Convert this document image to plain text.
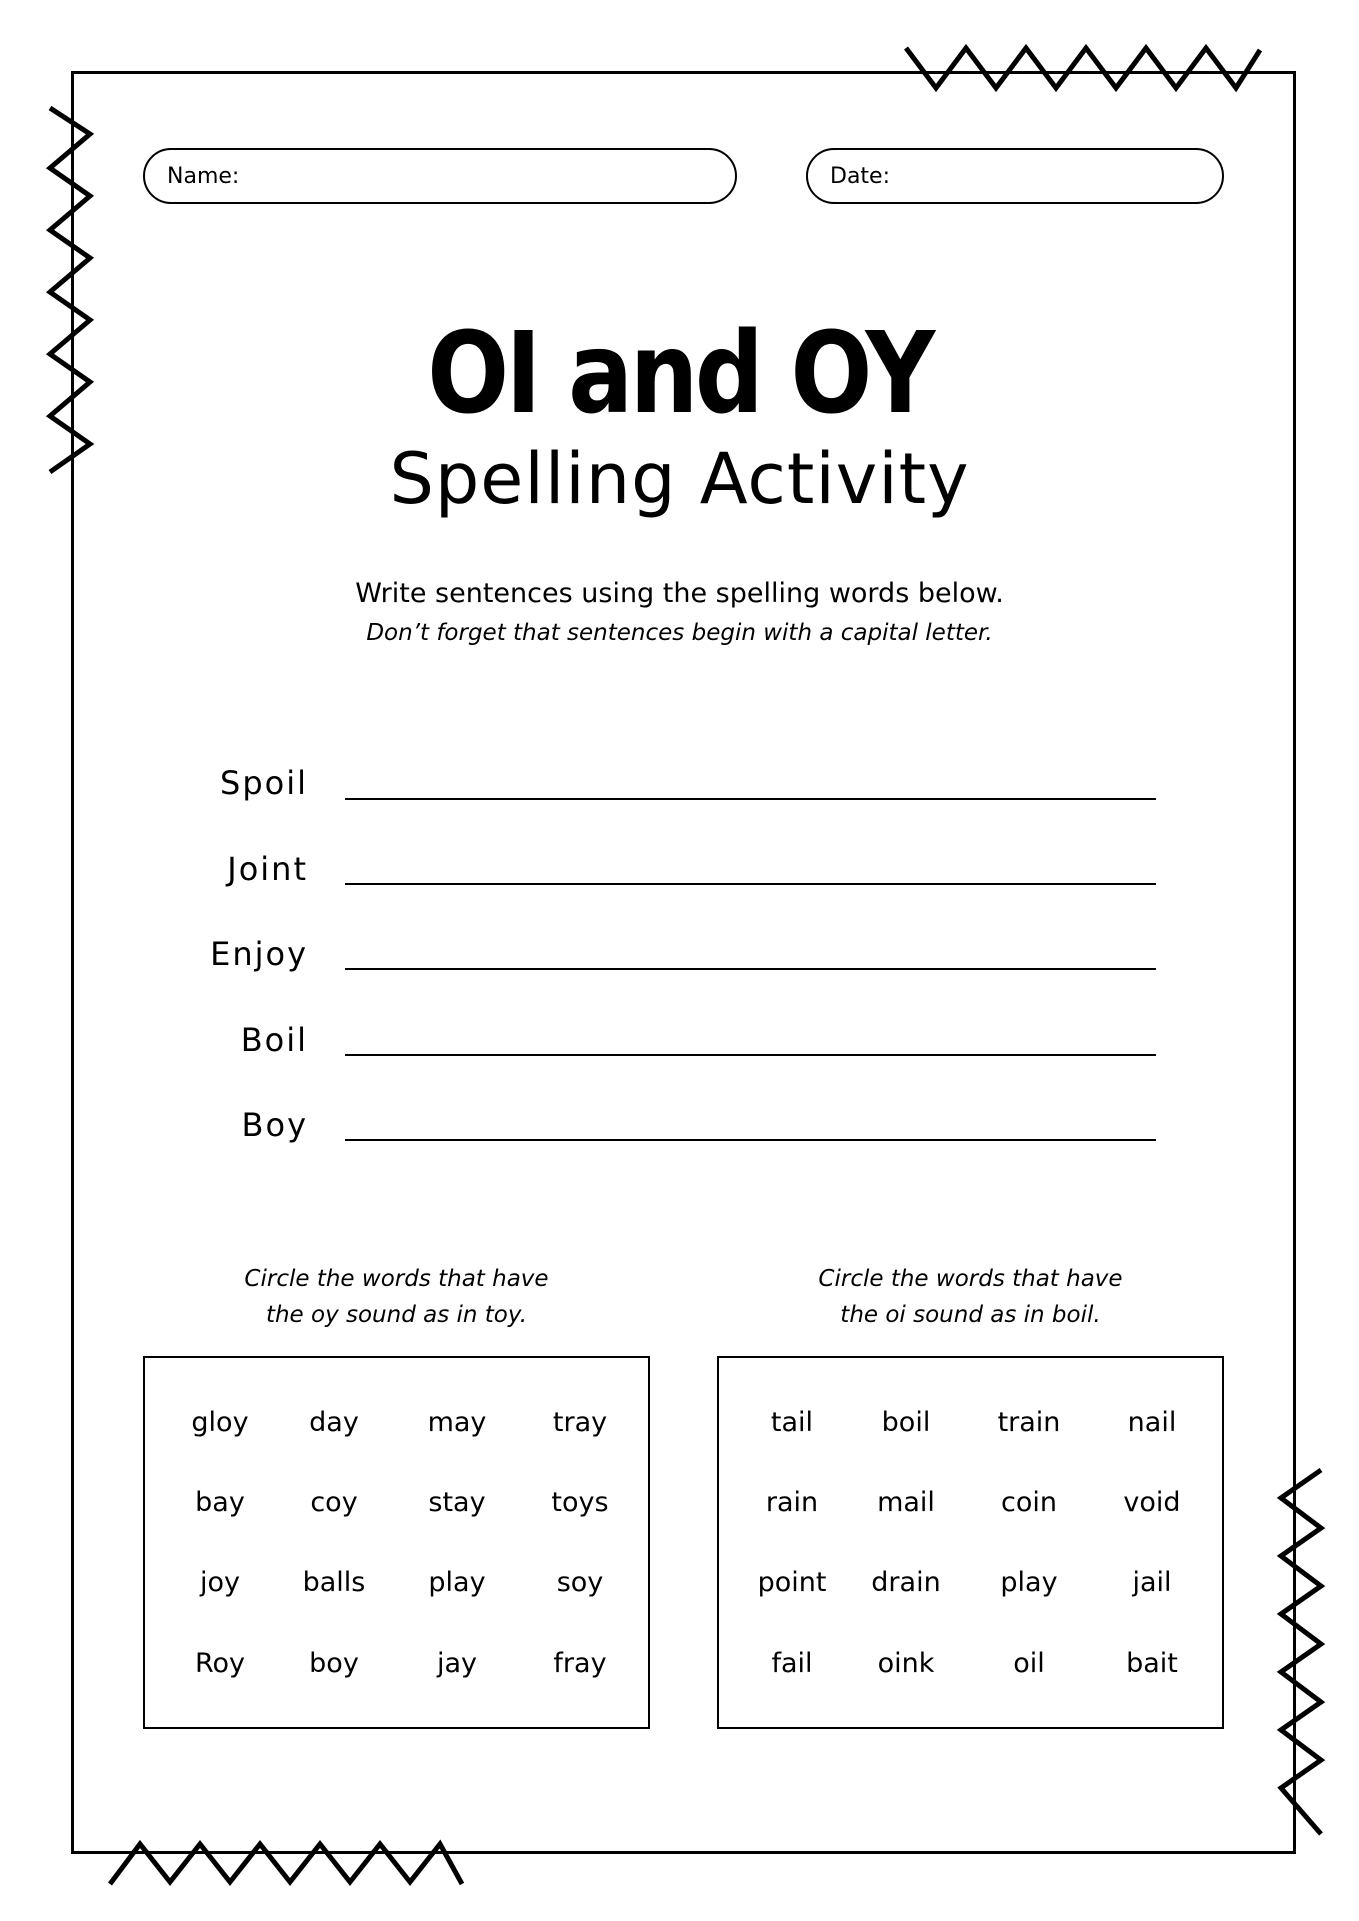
Name:	Date:
OI and OY
Spelling Activity
Write sentences using the spelling words below.
Don’t forget that sentences begin with a capital letter.
Spoil
Joint
Enjoy
Boil
Boy
Circle the words that have
the oy sound as in toy.
Circle the words that have
the oi sound as in boil.
gloy	day	may	tray
bay	coy	stay	toys
joy	balls	play	soy
Roy	boy	jay	fray
tail	boil	train	nail
rain	mail	coin	void
point	drain	play	jail
fail	oink	oil	bait
